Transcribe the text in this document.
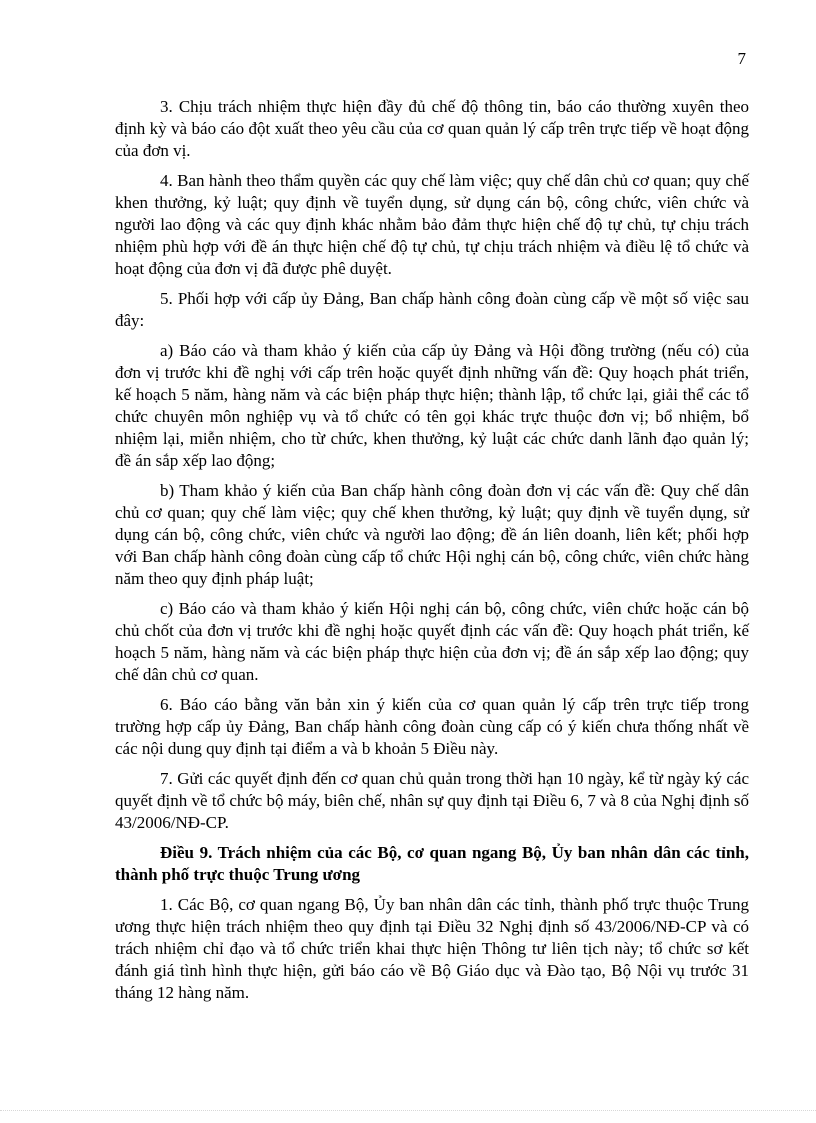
7

3. Chịu trách nhiệm thực hiện đầy đủ chế độ thông tin, báo cáo thường xuyên theo định kỳ và báo cáo đột xuất theo yêu cầu của cơ quan quản lý cấp trên trực tiếp về hoạt động của đơn vị.

4. Ban hành theo thẩm quyền các quy chế làm việc; quy chế dân chủ cơ quan; quy chế khen thưởng, kỷ luật; quy định về tuyển dụng, sử dụng cán bộ, công chức, viên chức và người lao động và các quy định khác nhằm bảo đảm thực hiện chế độ tự chủ, tự chịu trách nhiệm phù hợp với đề án thực hiện chế độ tự chủ, tự chịu trách nhiệm và điều lệ tổ chức và hoạt động của đơn vị đã được phê duyệt.

5. Phối hợp với cấp ủy Đảng, Ban chấp hành công đoàn cùng cấp về một số việc sau đây:

a) Báo cáo và tham khảo ý kiến của cấp ủy Đảng và Hội đồng trường (nếu có) của đơn vị trước khi đề nghị với cấp trên hoặc quyết định những vấn đề: Quy hoạch phát triển, kế hoạch 5 năm, hàng năm và các biện pháp thực hiện; thành lập, tổ chức lại, giải thể các tổ chức chuyên môn nghiệp vụ và tổ chức có tên gọi khác trực thuộc đơn vị; bổ nhiệm, bổ nhiệm lại, miễn nhiệm, cho từ chức, khen thưởng, kỷ luật các chức danh lãnh đạo quản lý; đề án sắp xếp lao động;

b) Tham khảo ý kiến của Ban chấp hành công đoàn đơn vị các vấn đề: Quy chế dân chủ cơ quan; quy chế làm việc; quy chế khen thưởng, kỷ luật; quy định về tuyển dụng, sử dụng cán bộ, công chức, viên chức và người lao động; đề án liên doanh, liên kết; phối hợp với Ban chấp hành công đoàn cùng cấp tổ chức Hội nghị cán bộ, công chức, viên chức hàng năm theo quy định pháp luật;

c) Báo cáo và tham khảo ý kiến Hội nghị cán bộ, công chức, viên chức hoặc cán bộ chủ chốt của đơn vị trước khi đề nghị hoặc quyết định các vấn đề: Quy hoạch phát triển, kế hoạch 5 năm, hàng năm và các biện pháp thực hiện của đơn vị; đề án sắp xếp lao động; quy chế dân chủ cơ quan.

6. Báo cáo bằng văn bản xin ý kiến của cơ quan quản lý cấp trên trực tiếp trong trường hợp cấp ủy Đảng, Ban chấp hành công đoàn cùng cấp có ý kiến chưa thống nhất về các nội dung quy định tại điểm a và b khoản 5 Điều này.

7. Gửi các quyết định đến cơ quan chủ quản trong thời hạn 10 ngày, kể từ ngày ký các quyết định về tổ chức bộ máy, biên chế, nhân sự quy định tại Điều 6, 7 và 8 của Nghị định số 43/2006/NĐ-CP.

Điều 9. Trách nhiệm của các Bộ, cơ quan ngang Bộ, Ủy ban nhân dân các tỉnh, thành phố trực thuộc Trung ương

1. Các Bộ, cơ quan ngang Bộ, Ủy ban nhân dân các tỉnh, thành phố trực thuộc Trung ương thực hiện trách nhiệm theo quy định tại Điều 32 Nghị định số 43/2006/NĐ-CP và có trách nhiệm chỉ đạo và tổ chức triển khai thực hiện Thông tư liên tịch này; tổ chức sơ kết đánh giá tình hình thực hiện, gửi báo cáo về Bộ Giáo dục và Đào tạo, Bộ Nội vụ trước 31 tháng 12 hàng năm.
